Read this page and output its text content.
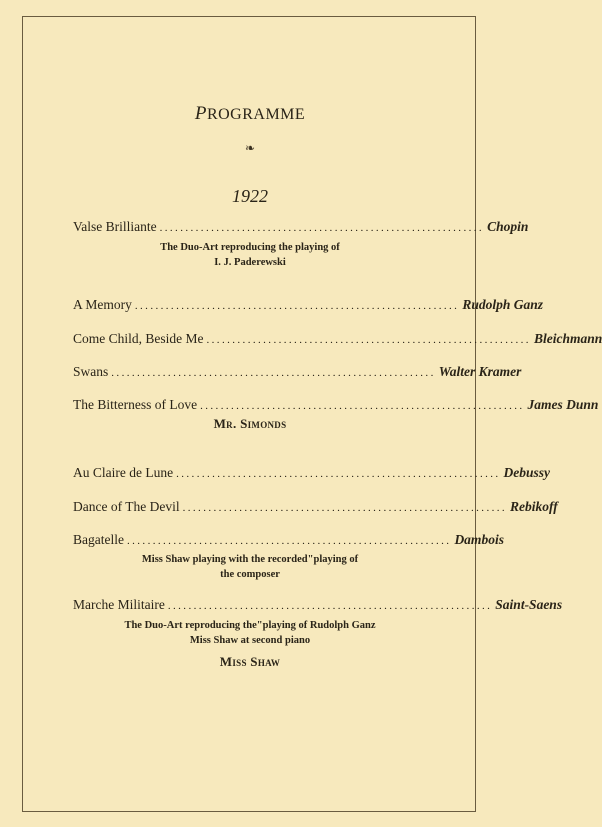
PROGRAMME
❧
1922
Valse Brilliante ............................................................... Chopin
The Duo-Art reproducing the playing of
I. J. Paderewski
A Memory ............................................................... Rudolph Ganz
Come Child, Beside Me ............................................................... Bleichmann
Swans ............................................................... Walter Kramer
The Bitterness of Love ............................................................... James Dunn
Mr. Simonds
Au Claire de Lune ............................................................... Debussy
Dance of The Devil ............................................................... Rebikoff
Bagatelle ............................................................... Dambois
Miss Shaw playing with the recorded"playing of
the composer
Marche Militaire ............................................................... Saint-Saens
The Duo-Art reproducing the"playing of Rudolph Ganz
Miss Shaw at second piano
Miss Shaw
